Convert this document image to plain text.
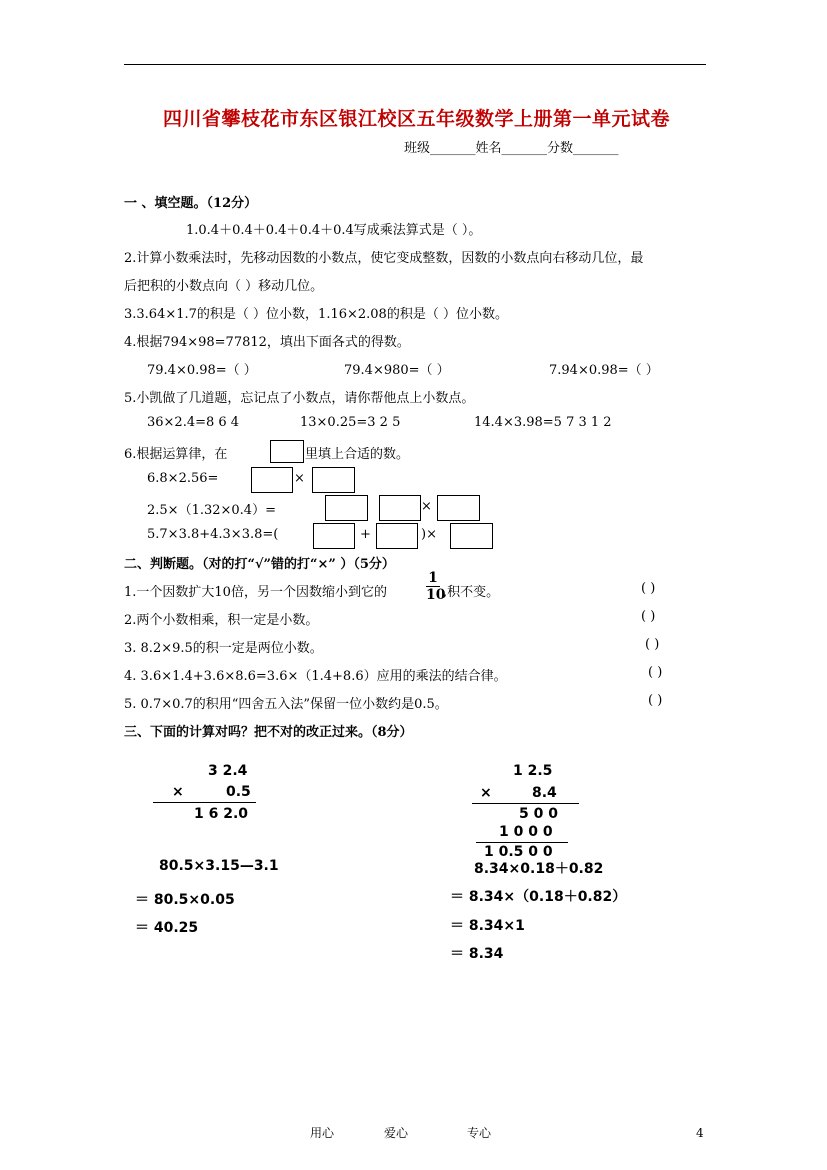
四川省攀枝花市东区银江校区五年级数学上册第一单元试卷
班级_______姓名_______分数_______
一 、填空题。（12分）
1.0.4＋0.4＋0.4＋0.4＋0.4写成乘法算式是（ ）。
2.计算小数乘法时，先移动因数的小数点，使它变成整数，因数的小数点向右移动几位，最
后把积的小数点向（ ）移动几位。
3.3.64×1.7的积是（ ）位小数，1.16×2.08的积是（ ）位小数。
4.根据794×98=77812，填出下面各式的得数。
79.4×0.98=（ ）	79.4×980=（ ）	7.94×0.98=（ ）
5.小凯做了几道题，忘记点了小数点，请你帮他点上小数点。
36×2.4=8 6 4	13×0.25=3 2 5	14.4×3.98=5 7 3 1 2
6.根据运算律，在	里填上合适的数。
6.8×2.56=	×
2.5×（1.32×0.4）=	×
5.7×3.8+4.3×3.8=(	+	)×
二、判断题。（对的打“√”错的打“×” ）（5分）
1.一个因数扩大10倍，另一个因数缩小到它的
1
10
,积不变。	( )
2.两个小数相乘，积一定是小数。	( )
3. 8.2×9.5的积一定是两位小数。	( )
4. 3.6×1.4+3.6×8.6=3.6×（1.4+8.6）应用的乘法的结合律。	( )
5. 0.7×0.7的积用“四舍五入法”保留一位小数约是0.5。	( )
三、下面的计算对吗？把不对的改正过来。（8分）
3 2.4
×	0.5
1 6 2.0
1 2.5
×	8.4
5 0 0
1 0 0 0
1 0.5 0 0
80.5×3.15—3.1
＝ 80.5×0.05
＝ 40.25
8.34×0.18＋0.82
＝ 8.34×（0.18＋0.82）
＝ 8.34×1
＝ 8.34
用心	爱心	专心	4
